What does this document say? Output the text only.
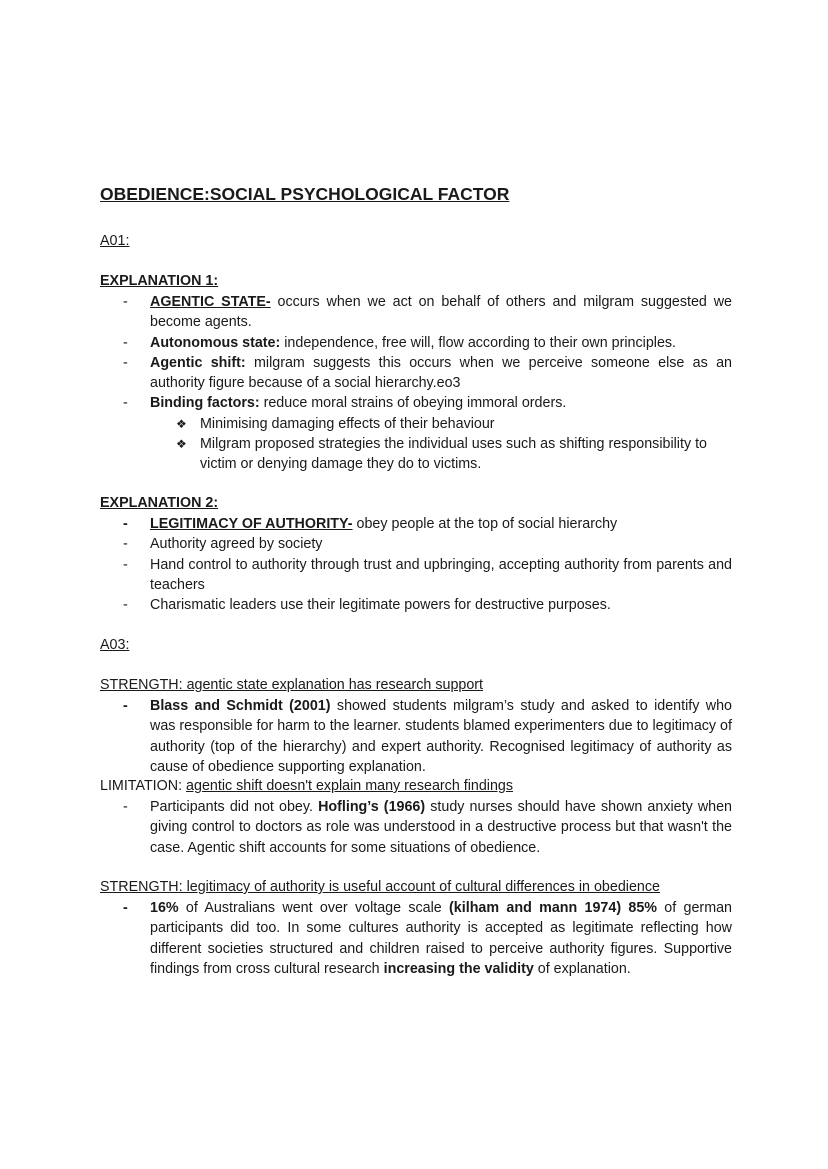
OBEDIENCE:SOCIAL PSYCHOLOGICAL FACTOR
A01:
EXPLANATION 1:
-	AGENTIC STATE- occurs when we act on behalf of others and milgram suggested we become agents.
-	Autonomous state: independence, free will, flow according to their own principles.
-	Agentic shift: milgram suggests this occurs when we perceive someone else as an authority figure because of a social hierarchy.eo3
-	Binding factors: reduce moral strains of obeying immoral orders.
❖ Minimising damaging effects of their behaviour
❖ Milgram proposed strategies the individual uses such as shifting responsibility to victim or denying damage they do to victims.
EXPLANATION 2:
-	LEGITIMACY OF AUTHORITY- obey people at the top of social hierarchy
-	Authority agreed by society
-	Hand control to authority through trust and upbringing, accepting authority from parents and teachers
-	Charismatic leaders use their legitimate powers for destructive purposes.
A03:
STRENGTH: agentic state explanation has research support
-	Blass and Schmidt (2001) showed students milgram’s study and asked to identify who was responsible for harm to the learner. students blamed experimenters due to legitimacy of authority (top of the hierarchy) and expert authority. Recognised legitimacy of authority as cause of obedience supporting explanation.
LIMITATION: agentic shift doesn't explain many research findings
-	Participants did not obey. Hofling’s (1966) study nurses should have shown anxiety when giving control to doctors as role was understood in a destructive process but that wasn't the case. Agentic shift accounts for some situations of obedience.
STRENGTH: legitimacy of authority is useful account of cultural differences in obedience
-	16% of Australians went over voltage scale (kilham and mann 1974) 85% of german participants did too. In some cultures authority is accepted as legitimate reflecting how different societies structured and children raised to perceive authority figures. Supportive findings from cross cultural research increasing the validity of explanation.
